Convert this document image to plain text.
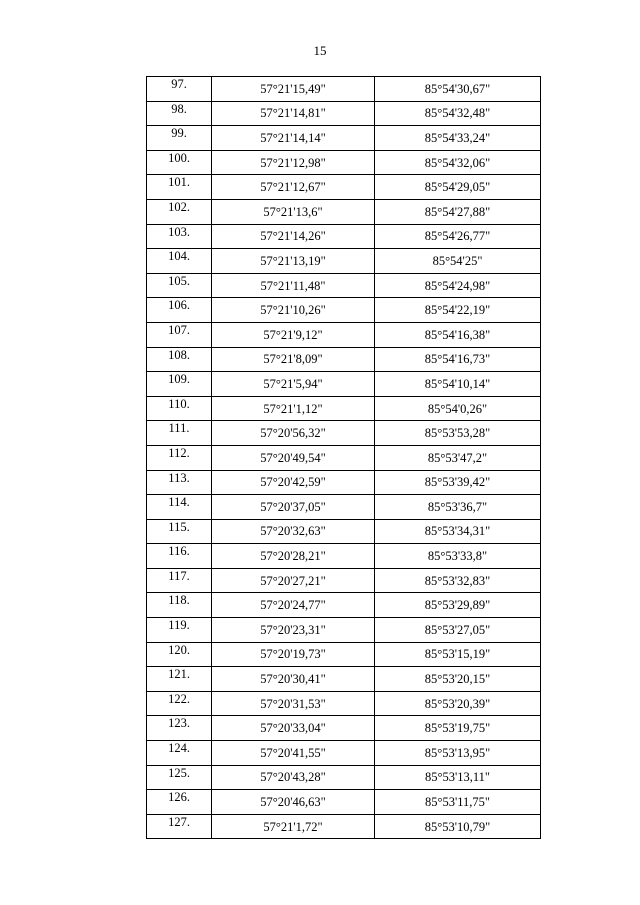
15
97.	57°21'15,49"	85°54'30,67"
98.	57°21'14,81"	85°54'32,48"
99.	57°21'14,14"	85°54'33,24"
100.	57°21'12,98"	85°54'32,06"
101.	57°21'12,67"	85°54'29,05"
102.	57°21'13,6"	85°54'27,88"
103.	57°21'14,26"	85°54'26,77"
104.	57°21'13,19"	85°54'25"
105.	57°21'11,48"	85°54'24,98"
106.	57°21'10,26"	85°54'22,19"
107.	57°21'9,12"	85°54'16,38"
108.	57°21'8,09"	85°54'16,73"
109.	57°21'5,94"	85°54'10,14"
110.	57°21'1,12"	85°54'0,26"
111.	57°20'56,32"	85°53'53,28"
112.	57°20'49,54"	85°53'47,2"
113.	57°20'42,59"	85°53'39,42"
114.	57°20'37,05"	85°53'36,7"
115.	57°20'32,63"	85°53'34,31"
116.	57°20'28,21"	85°53'33,8"
117.	57°20'27,21"	85°53'32,83"
118.	57°20'24,77"	85°53'29,89"
119.	57°20'23,31"	85°53'27,05"
120.	57°20'19,73"	85°53'15,19"
121.	57°20'30,41"	85°53'20,15"
122.	57°20'31,53"	85°53'20,39"
123.	57°20'33,04"	85°53'19,75"
124.	57°20'41,55"	85°53'13,95"
125.	57°20'43,28"	85°53'13,11"
126.	57°20'46,63"	85°53'11,75"
127.	57°21'1,72"	85°53'10,79"
